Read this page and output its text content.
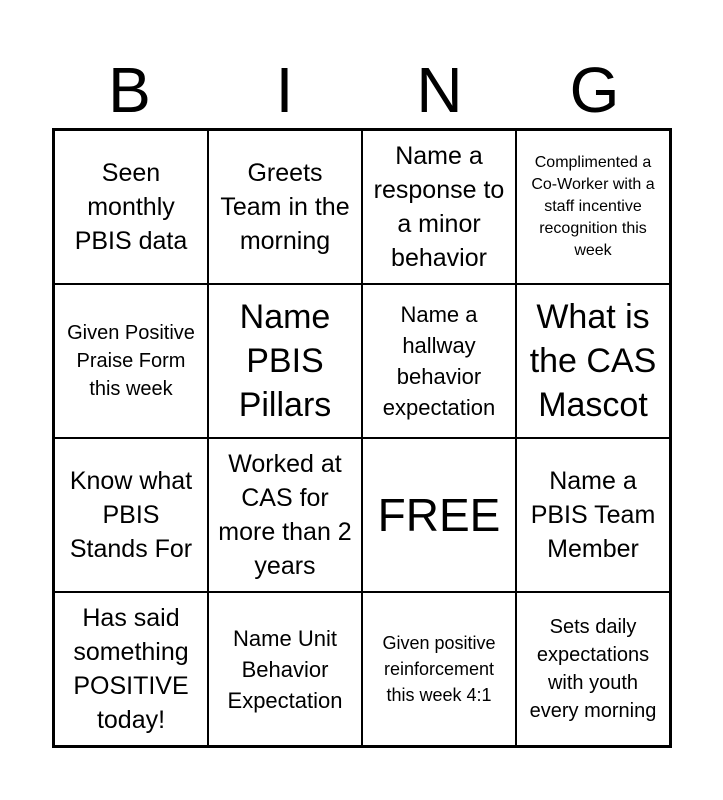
B	I	N	G
Seen monthly PBIS data
Greets Team in the morning
Name a response to a minor behavior
Complimented a Co-Worker with a staff incentive recognition this week
Given Positive Praise Form this week
Name PBIS Pillars
Name a hallway behavior expectation
What is the CAS Mascot
Know what PBIS Stands For
Worked at CAS for more than 2 years
FREE
Name a PBIS Team Member
Has said something POSITIVE today!
Name Unit Behavior Expectation
Given positive reinforcement this week 4:1
Sets daily expectations with youth every morning
